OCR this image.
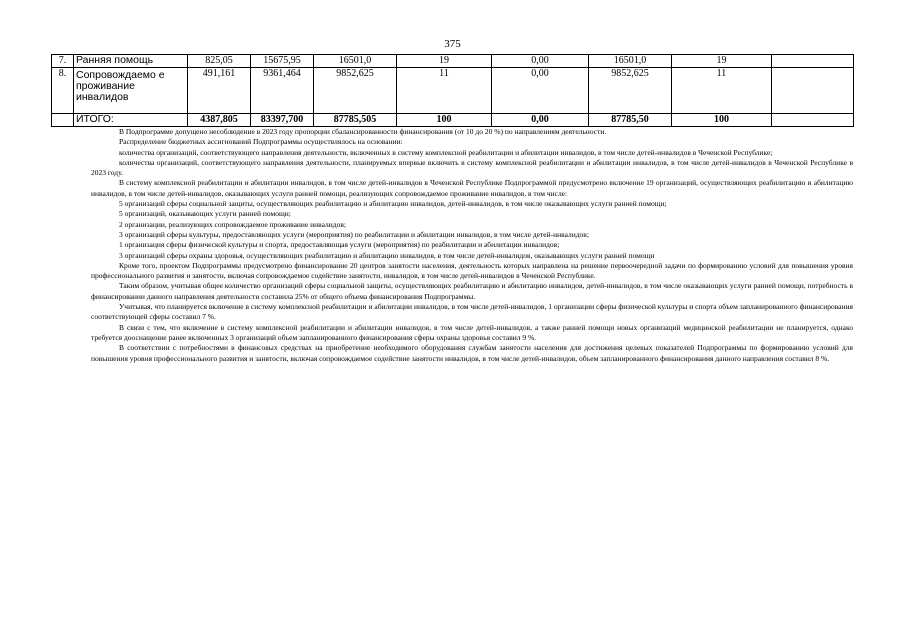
375
7.	Ранняя помощь	825,05	15675,95	16501,0	19	0,00	16501,0	19	
8.	Сопровождаемо е проживание инвалидов	491,161	9361,464	9852,625	11	0,00	9852,625	11	
	ИТОГО:	4387,805	83397,700	87785,505	100	0,00	87785,50	100	

В Подпрограмме допущено несоблюдение в 2023 году пропорции сбалансированности финансирования (от 10 до 20 %) по направлениям деятельности.

Распределение бюджетных ассигнований Подпрограммы осуществлялось на основании:

количества организаций, соответствующего направления деятельности, включенных в систему комплексной реабилитации и абилитации инвалидов, в том числе детей-инвалидов в Чеченской Республике;

количества организаций, соответствующего направления деятельности, планируемых впервые включить в систему комплексной реабилитации и абилитации инвалидов, в том числе детей-инвалидов в Чеченской Республике в 2023 году.

В систему комплексной реабилитации и абилитации инвалидов, в том числе детей-инвалидов в Чеченской Республике Подпрограммой предусмотрено включение 19 организаций, осуществляющих реабилитацию и абилитацию инвалидов, в том числе детей-инвалидов, оказывающих услуги ранней помощи, реализующих сопровождаемое проживание инвалидов, в том числе:

5 организаций сферы социальной защиты, осуществляющих реабилитацию и абилитацию инвалидов, детей-инвалидов, в том числе оказывающих услуги ранней помощи;

5 организаций, оказывающих услуги ранней помощи;

2 организации, реализующих сопровождаемое проживание инвалидов;

3 организаций сферы культуры, предоставляющих услуги (мероприятия) по реабилитации и абилитации инвалидов, в том числе детей-инвалидов;

1 организация сферы физической культуры и спорта, предоставляющая услуги (мероприятия) по реабилитации и абилитации инвалидов;

3 организаций сферы охраны здоровья, осуществляющих реабилитацию и абилитацию инвалидов, в том числе детей-инвалидов, оказывающих услуги ранней помощи

Кроме того, проектом Подпрограммы предусмотрено финансирование 20 центров занятости населения, деятельность которых направлена на решение первоочередной задачи по формированию условий для повышения уровня профессионального развития и занятости, включая сопровождаемое содействие занятости, инвалидов, в том числе детей-инвалидов в Чеченской Республике.

Таким образом, учитывая общее количество организаций сферы социальной защиты, осуществляющих реабилитацию и абилитацию инвалидов, детей-инвалидов, в том числе оказывающих услуги ранней помощи, потребность в финансировании данного направления деятельности составила 25% от общего объема финансирования Подпрограммы.

Учитывая, что планируется включение в систему комплексной реабилитации и абилитации инвалидов, в том числе детей-инвалидов, 1 организации сферы физической культуры и спорта объем запланированного финансирования соответствующей сферы составил 7 %.

В связи с тем, что включение в систему комплексной реабилитации и абилитации инвалидов, в том числе детей-инвалидов, а также ранней помощи новых организаций медицинской реабилитации не планируется, однако требуется дооснащение ранее включенных 3 организаций объем запланированного финансирования сферы охраны здоровья составил 9 %.

В соответствии с потребностями в финансовых средствах на приобретение необходимого оборудования службам занятости населения для достижения целевых показателей Подпрограммы по формированию условий для повышения уровня профессионального развития и занятости, включая сопровождаемое содействие занятости инвалидов, в том числе детей-инвалидов, объем запланированного финансирования данного направления составил 8 %.
